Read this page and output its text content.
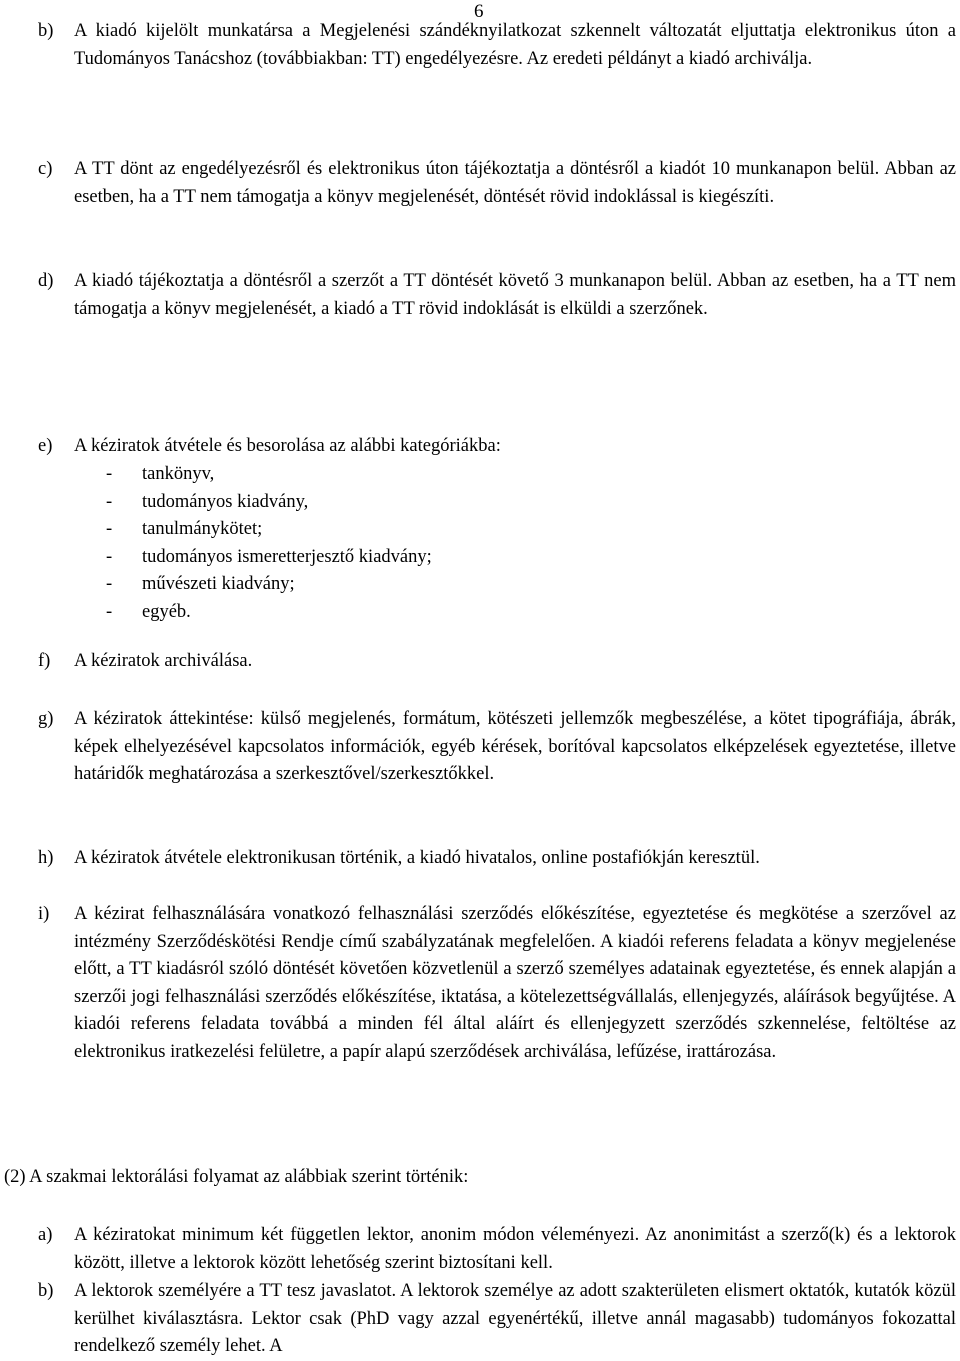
6
b) A kiadó kijelölt munkatársa a Megjelenési szándéknyilatkozat szkennelt változatát eljuttatja elektronikus úton a Tudományos Tanácshoz (továbbiakban: TT) engedélyezésre. Az eredeti példányt a kiadó archiválja.
c) A TT dönt az engedélyezésről és elektronikus úton tájékoztatja a döntésről a kiadót 10 munkanapon belül. Abban az esetben, ha a TT nem támogatja a könyv megjelenését, döntését rövid indoklással is kiegészíti.
d) A kiadó tájékoztatja a döntésről a szerzőt a TT döntését követő 3 munkanapon belül. Abban az esetben, ha a TT nem támogatja a könyv megjelenését, a kiadó a TT rövid indoklását is elküldi a szerzőnek.
e) A kéziratok átvétele és besorolása az alábbi kategóriákba:
- tankönyv,
- tudományos kiadvány,
- tanulmánykötet;
- tudományos ismeretterjesztő kiadvány;
- művészeti kiadvány;
- egyéb.
f) A kéziratok archiválása.
g) A kéziratok áttekintése: külső megjelenés, formátum, kötészeti jellemzők megbeszélése, a kötet tipográfiája, ábrák, képek elhelyezésével kapcsolatos információk, egyéb kérések, borítóval kapcsolatos elképzelések egyeztetése, illetve határidők meghatározása a szerkesztővel/szerkesztőkkel.
h) A kéziratok átvétele elektronikusan történik, a kiadó hivatalos, online postafiókján keresztül.
i) A kézirat felhasználására vonatkozó felhasználási szerződés előkészítése, egyeztetése és megkötése a szerzővel az intézmény Szerződéskötési Rendje című szabályzatának megfelelően. A kiadói referens feladata a könyv megjelenése előtt, a TT kiadásról szóló döntését követően közvetlenül a szerző személyes adatainak egyeztetése, és ennek alapján a szerzői jogi felhasználási szerződés előkészítése, iktatása, a kötelezettségvállalás, ellenjegyzés, aláírások begyűjtése. A kiadói referens feladata továbbá a minden fél által aláírt és ellenjegyzett szerződés szkennelése, feltöltése az elektronikus iratkezelési felületre, a papír alapú szerződések archiválása, lefűzése, irattározása.
(2) A szakmai lektorálási folyamat az alábbiak szerint történik:
a) A kéziratokat minimum két független lektor, anonim módon véleményezi. Az anonimitást a szerző(k) és a lektorok között, illetve a lektorok között lehetőség szerint biztosítani kell.
b) A lektorok személyére a TT tesz javaslatot. A lektorok személye az adott szakterületen elismert oktatók, kutatók közül kerülhet kiválasztásra. Lektor csak (PhD vagy azzal egyenértékű, illetve annál magasabb) tudományos fokozattal rendelkező személy lehet. A
